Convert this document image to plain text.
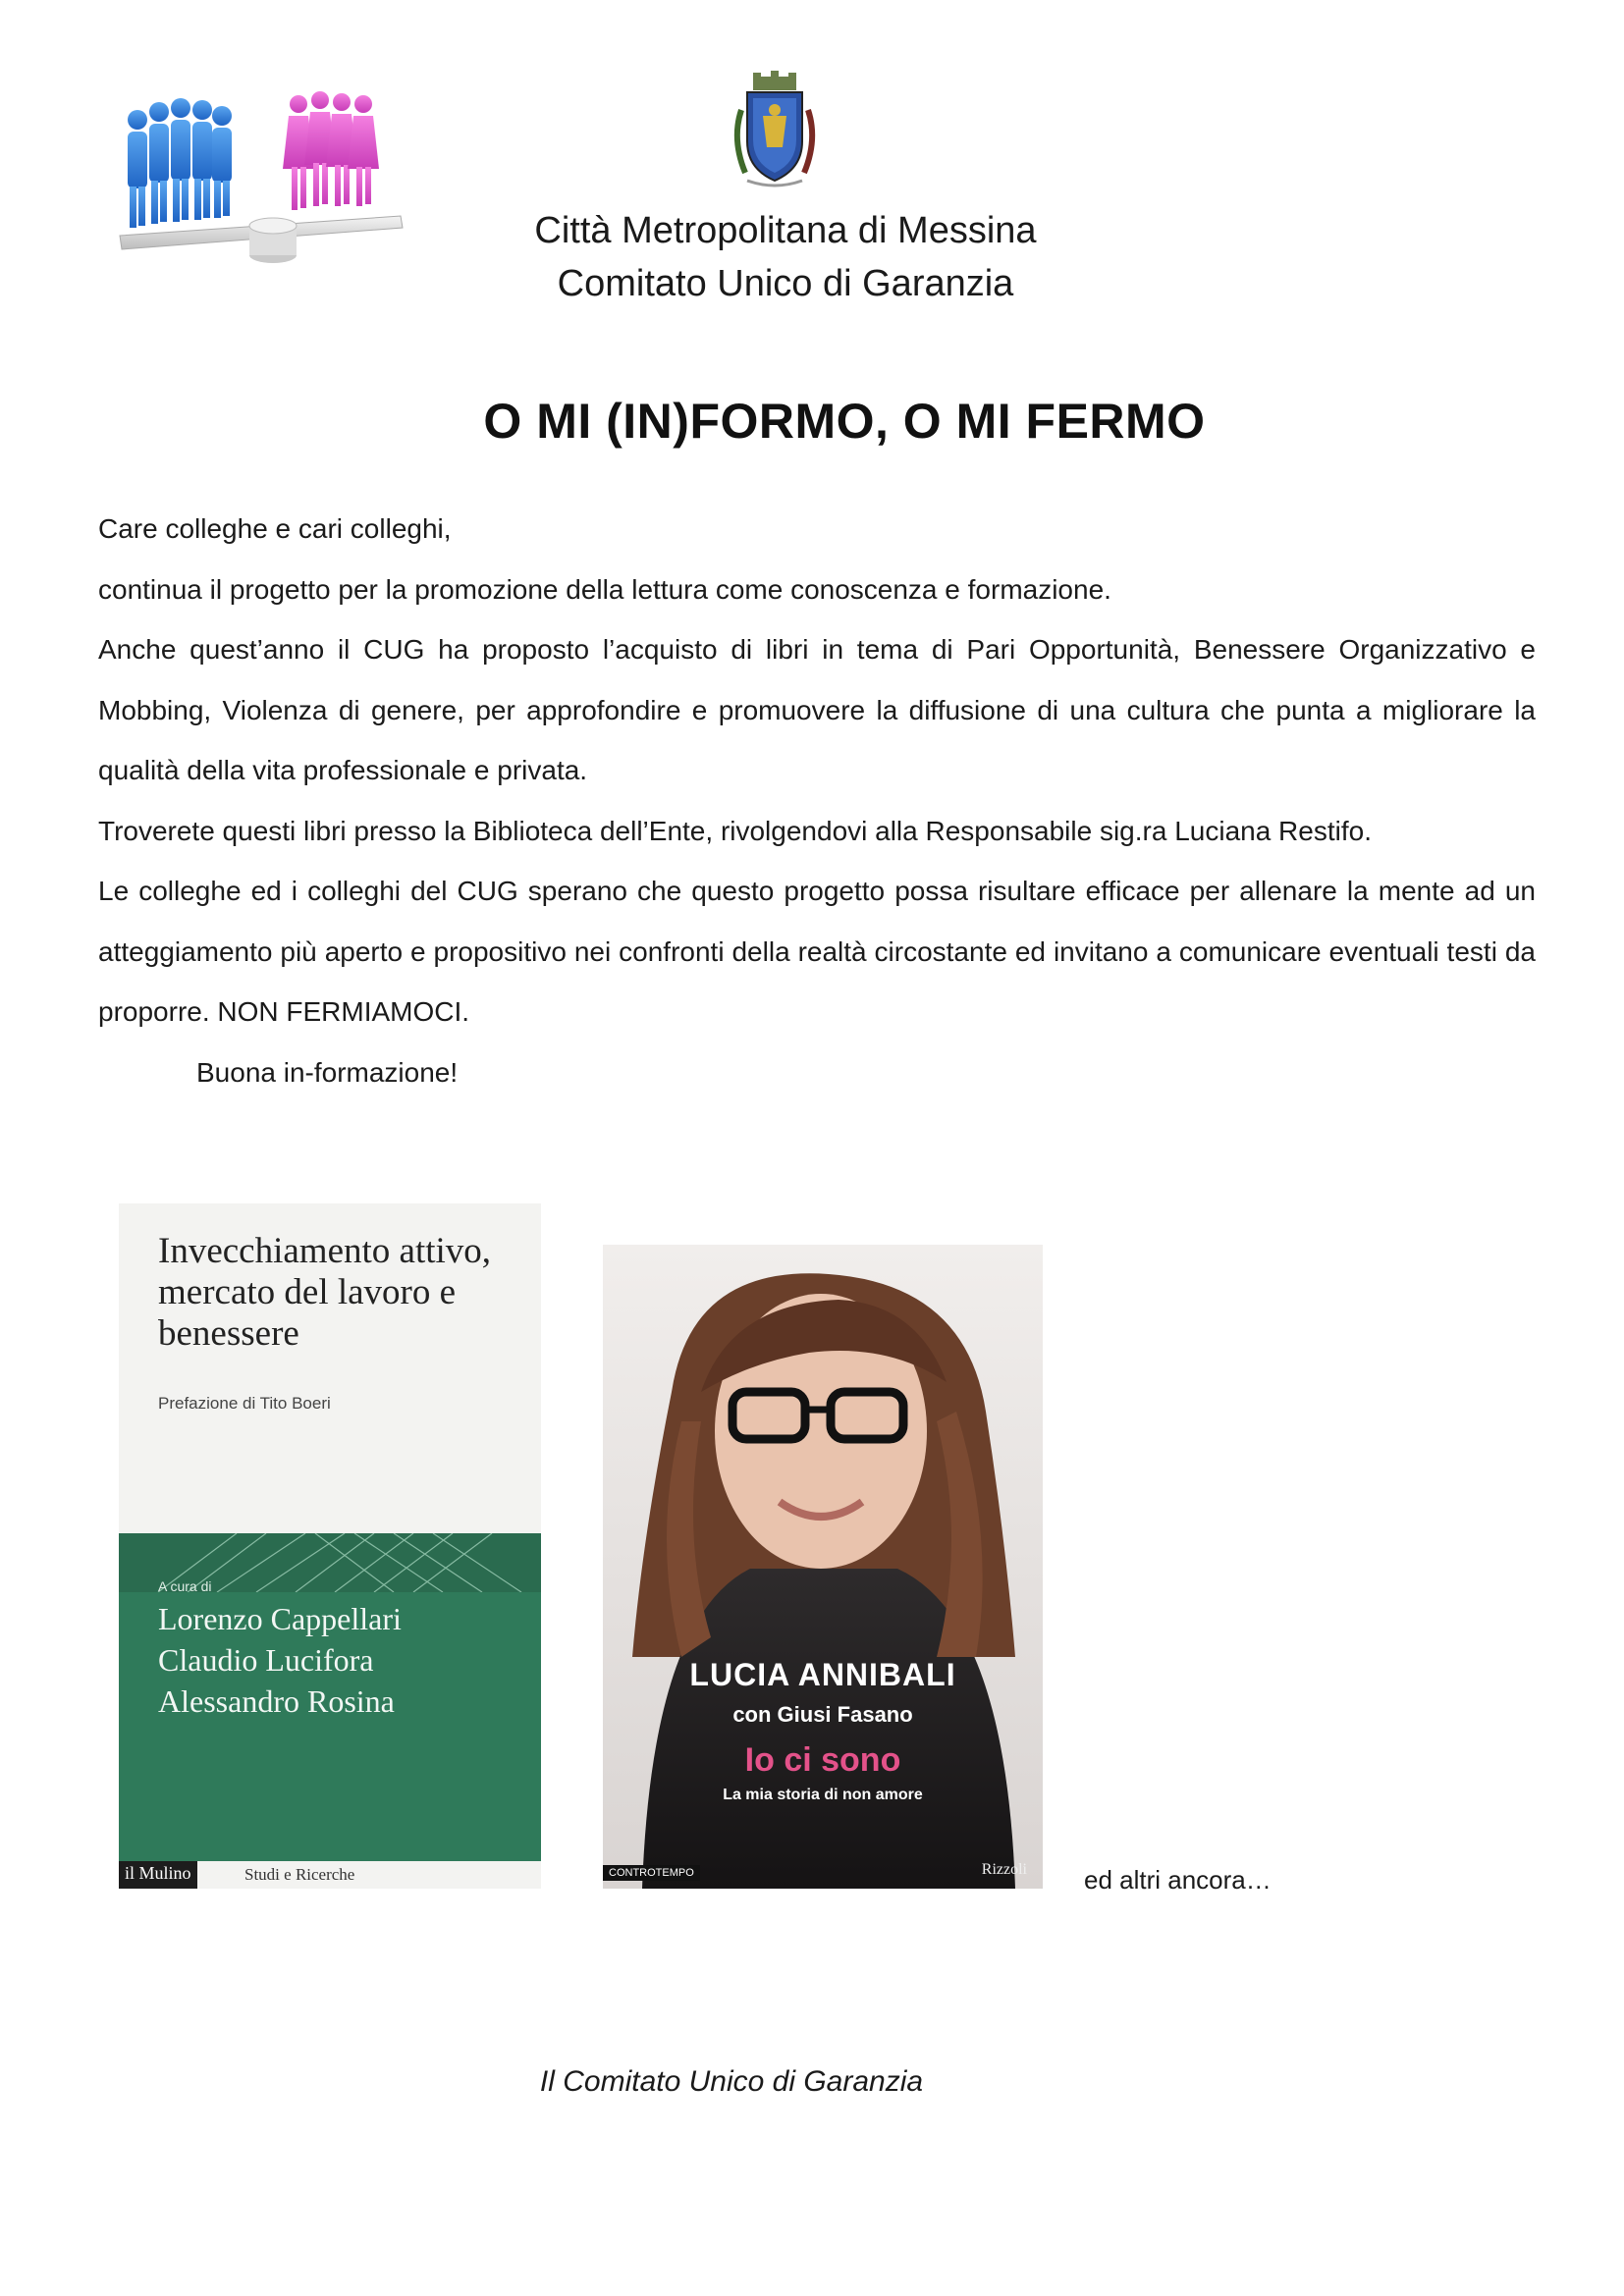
Città Metropolitana di Messina
Comitato Unico di Garanzia
O MI (IN)FORMO, O MI FERMO

Care colleghe e cari colleghi,

continua il progetto per la promozione della lettura come conoscenza e formazione.

Anche quest’anno il CUG ha proposto l’acquisto di libri in tema di Pari Opportunità, Benessere Organizzativo e Mobbing, Violenza di genere, per approfondire e promuovere la diffusione di una cultura che punta a migliorare la qualità della vita professionale e privata.

Troverete questi libri presso la Biblioteca dell’Ente, rivolgendovi alla Responsabile sig.ra Luciana Restifo.

Le colleghe ed i colleghi del CUG sperano che questo progetto possa risultare efficace per allenare la mente ad un atteggiamento più aperto e propositivo nei confronti della realtà circostante ed invitano a comunicare eventuali testi da proporre. NON FERMIAMOCI.

Buona in-formazione!

Invecchiamento attivo, mercato del lavoro e benessere
Prefazione di Tito Boeri
A cura di
Lorenzo Cappellari
Claudio Lucifora
Alessandro Rosina
il Mulino	Studi e Ricerche
LUCIA ANNIBALI
con Giusi Fasano
Io ci sono
La mia storia di non amore
CONTROTEMPO	Rizzoli ed altri ancora…
Il Comitato Unico di Garanzia
